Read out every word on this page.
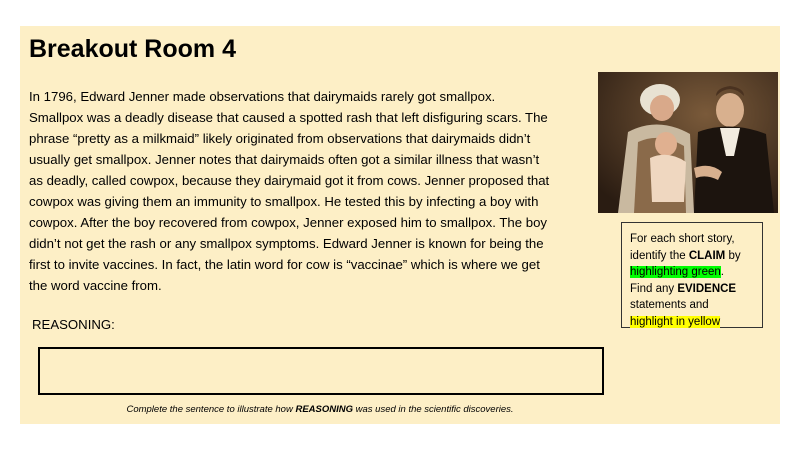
Breakout Room 4
In 1796, Edward Jenner made observations that dairymaids rarely got smallpox.
Smallpox was a deadly disease that caused a spotted rash that left disfiguring scars. The
phrase “pretty as a milkmaid” likely originated from observations that dairymaids didn’t
usually get smallpox. Jenner notes that dairymaids often got a similar illness that wasn’t
as deadly, called cowpox, because they dairymaid got it from cows. Jenner proposed that
cowpox was giving them an immunity to smallpox. He tested this by infecting a boy with
cowpox. After the boy recovered from cowpox, Jenner exposed him to smallpox. The boy
didn’t not get the rash or any smallpox symptoms. Edward Jenner is known for being the
first to invite vaccines. In fact, the latin word for cow is “vaccinae” which is where we get
the word vaccine from.
REASONING:
Complete the sentence to illustrate how REASONING was used in the scientific discoveries.
For each short story,
identify the CLAIM by
highlighting green.
Find any EVIDENCE
statements and
highlight in yellow
